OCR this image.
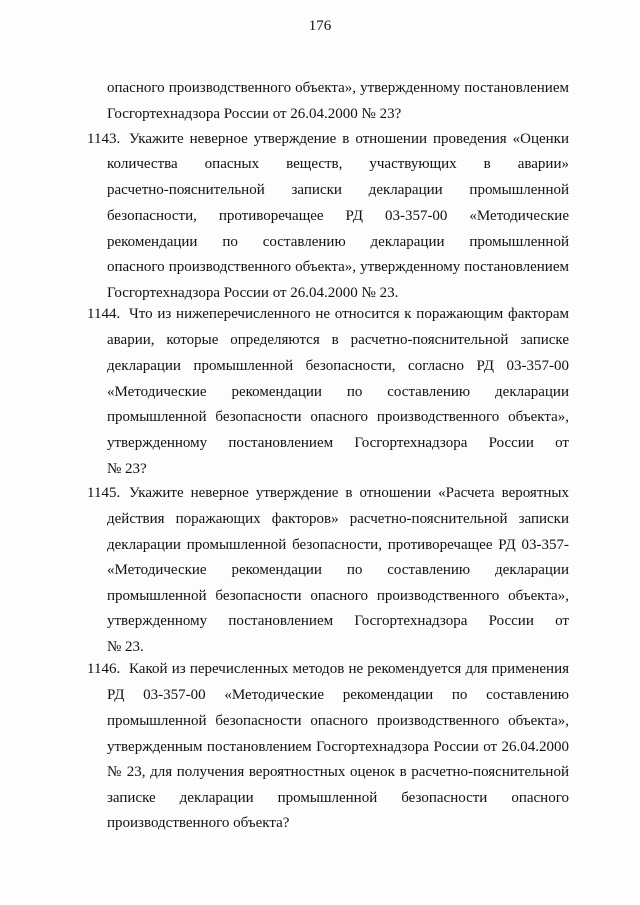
176
опасного производственного объекта», утвержденному постановлением
Госгортехнадзора России от 26.04.2000 № 23?
1143. Укажите неверное утверждение в отношении проведения «Оценки
количества опасных веществ, участвующих в аварии»
расчетно-пояснительной записки декларации промышленной
безопасности, противоречащее РД 03-357-00 «Методические
рекомендации по составлению декларации промышленной
опасного производственного объекта», утвержденному постановлением
Госгортехнадзора России от 26.04.2000 № 23.
1144. Что из нижеперечисленного не относится к поражающим факторам
аварии, которые определяются в расчетно-пояснительной записке
декларации промышленной безопасности, согласно РД 03-357-00
«Методические рекомендации по составлению декларации
промышленной безопасности опасного производственного объекта»,
утвержденному постановлением Госгортехнадзора России от
№ 23?
1145. Укажите неверное утверждение в отношении «Расчета вероятных
действия поражающих факторов» расчетно-пояснительной записки
декларации промышленной безопасности, противоречащее РД 03-357-
«Методические рекомендации по составлению декларации
промышленной безопасности опасного производственного объекта»,
утвержденному постановлением Госгортехнадзора России от
№ 23.
1146. Какой из перечисленных методов не рекомендуется для применения
РД 03-357-00 «Методические рекомендации по составлению
промышленной безопасности опасного производственного объекта»,
утвержденным постановлением Госгортехнадзора России от 26.04.2000
№ 23, для получения вероятностных оценок в расчетно-пояснительной
записке декларации промышленной безопасности опасного
производственного объекта?
